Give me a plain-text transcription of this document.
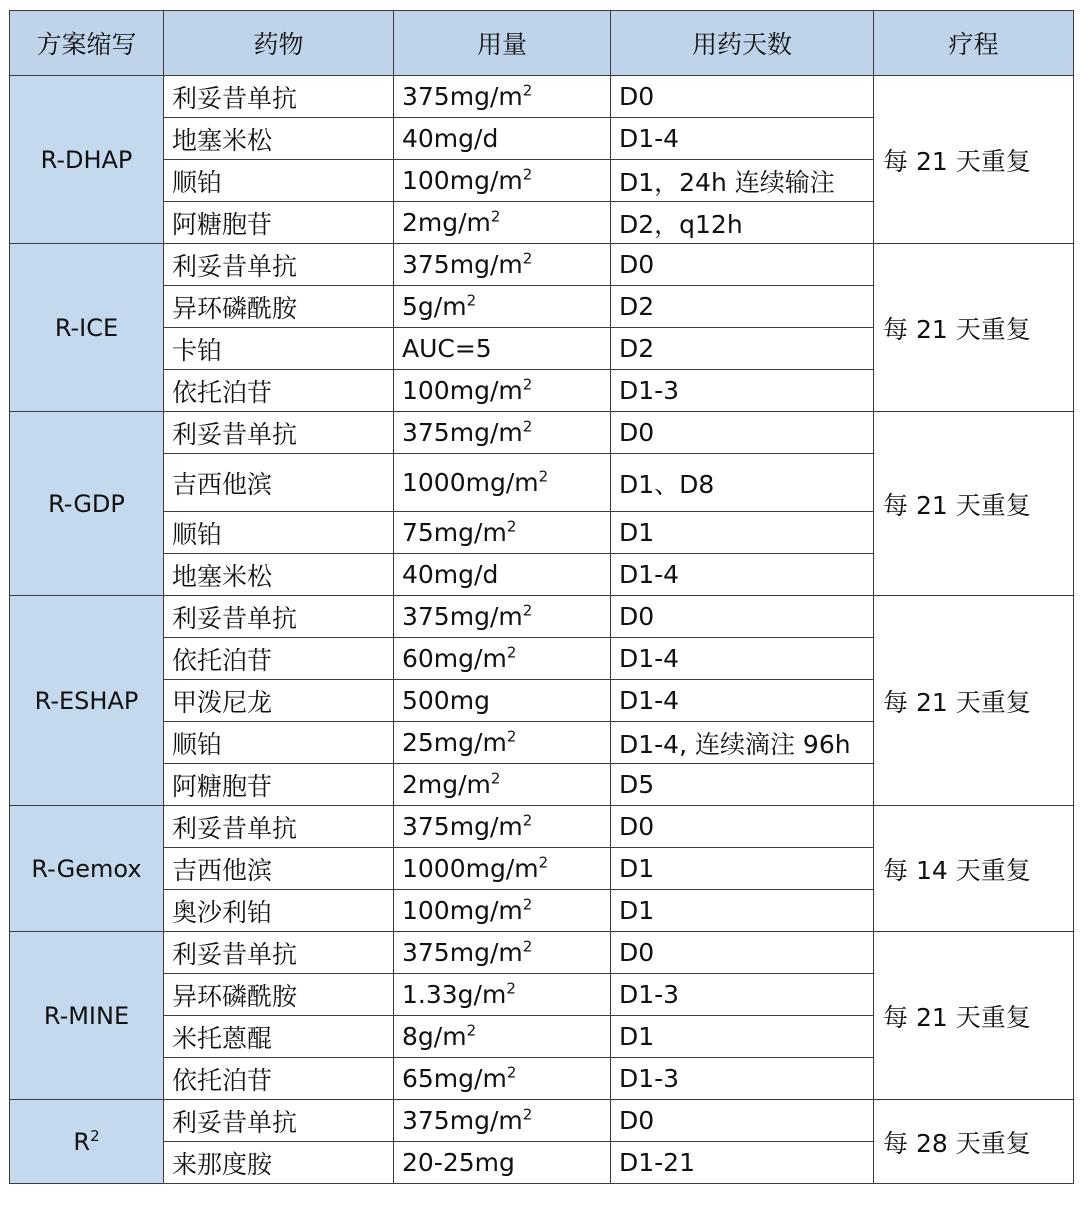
方案缩写	药物	用量	用药天数	疗程
R-DHAP	利妥昔单抗	$375mg/m^2$	D0	每 21 天重复
	地塞米松	40mg/d	D1-4	
	顺铂	$100mg/m^2$	D1，24h 连续输注	
	阿糖胞苷	$2mg/m^2$	D2，q12h	
R-ICE	利妥昔单抗	$375mg/m^2$	D0	每 21 天重复
	异环磷酰胺	$5g/m^2$	D2	
	卡铂	AUC=5	D2	
	依托泊苷	$100mg/m^2$	D1-3	
R-GDP	利妥昔单抗	$375mg/m^2$	D0	每 21 天重复
	吉西他滨	$1000mg/m^2$	D1、D8	
	顺铂	$75mg/m^2$	D1	
	地塞米松	40mg/d	D1-4	
R-ESHAP	利妥昔单抗	$375mg/m^2$	D0	每 21 天重复
	依托泊苷	$60mg/m^2$	D1-4	
	甲泼尼龙	500mg	D1-4	
	顺铂	$25mg/m^2$	D1-4, 连续滴注 96h	
	阿糖胞苷	$2mg/m^2$	D5	
R-Gemox	利妥昔单抗	$375mg/m^2$	D0	每 14 天重复
	吉西他滨	$1000mg/m^2$	D1	
	奥沙利铂	$100mg/m^2$	D1	
R-MINE	利妥昔单抗	$375mg/m^2$	D0	每 21 天重复
	异环磷酰胺	$1.33g/m^2$	D1-3	
	米托蒽醌	$8g/m^2$	D1	
	依托泊苷	$65mg/m^2$	D1-3	
$R^2$	利妥昔单抗	$375mg/m^2$	D0	每 28 天重复
	来那度胺	20-25mg	D1-21	
